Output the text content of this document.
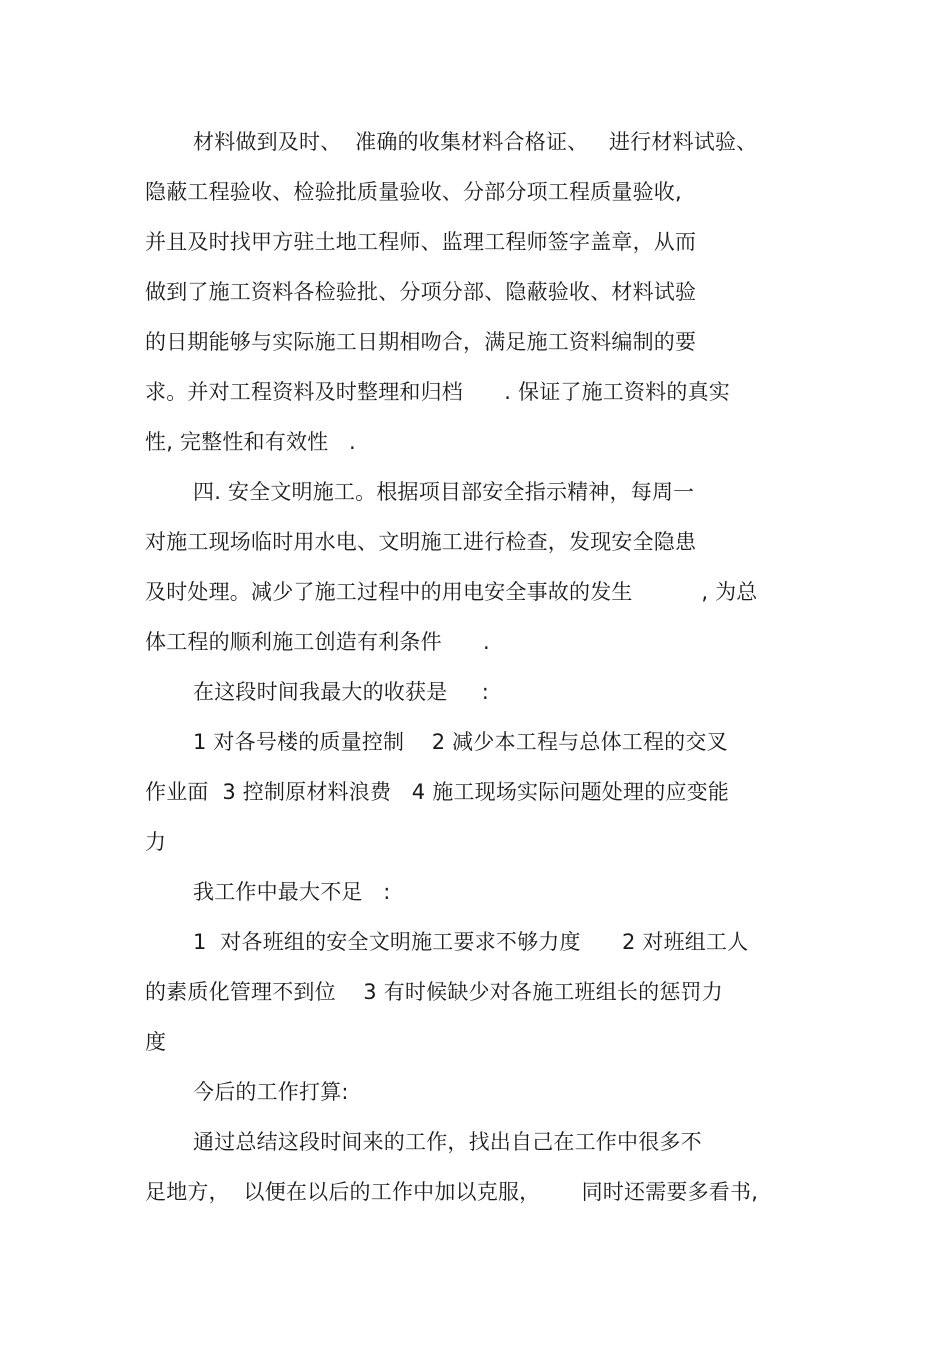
材料做到及时、  准确的收集材料合格证、   进行材料试验、
隐蔽工程验收、检验批质量验收、分部分项工程质量验收,
并且及时找甲方驻土地工程师、监理工程师签字盖章，从而
做到了施工资料各检验批、分项分部、隐蔽验收、材料试验
的日期能够与实际施工日期相吻合，满足施工资料编制的要
求。并对工程资料及时整理和归档      . 保证了施工资料的真实
性, 完整性和有效性   .
四. 安全文明施工。根据项目部安全指示精神，每周一
对施工现场临时用水电、文明施工进行检查，发现安全隐患
及时处理。减少了施工过程中的用电安全事故的发生          , 为总
体工程的顺利施工创造有利条件      .
在这段时间我最大的收获是     :
1 对各号楼的质量控制    2 减少本工程与总体工程的交叉
作业面  3 控制原材料浪费   4 施工现场实际问题处理的应变能
力
我工作中最大不足   :
1  对各班组的安全文明施工要求不够力度      2 对班组工人
的素质化管理不到位    3 有时候缺少对各施工班组长的惩罚力
度
今后的工作打算:
通过总结这段时间来的工作，找出自己在工作中很多不
足地方，  以便在以后的工作中加以克服，      同时还需要多看书,
